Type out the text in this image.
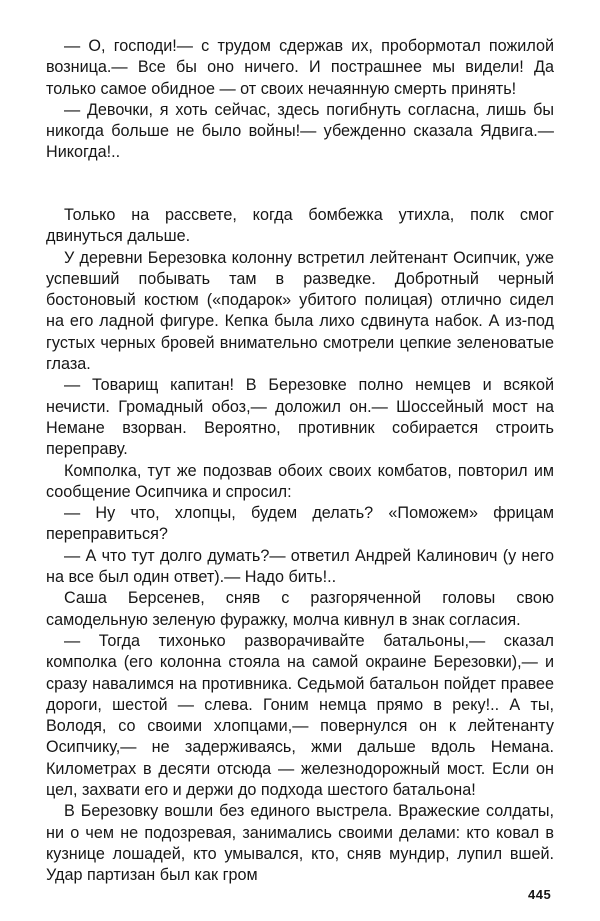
— О, господи!— с трудом сдержав их, пробормотал пожилой возница.— Все бы оно ничего. И пострашнее мы видели! Да только самое обидное — от своих нечаянную смерть принять!

— Девочки, я хоть сейчас, здесь погибнуть согласна, лишь бы никогда больше не было войны!— убежденно сказала Ядвига.— Никогда!..

Только на рассвете, когда бомбежка утихла, полк смог двинуться дальше.

У деревни Березовка колонну встретил лейтенант Осипчик, уже успевший побывать там в разведке. Добротный черный бостоновый костюм («подарок» убитого полицая) отлично сидел на его ладной фигуре. Кепка была лихо сдвинута набок. А из-под густых черных бровей внимательно смотрели цепкие зеленоватые глаза.

— Товарищ капитан! В Березовке полно немцев и всякой нечисти. Громадный обоз,— доложил он.— Шоссейный мост на Немане взорван. Вероятно, противник собирается строить переправу.

Комполка, тут же подозвав обоих своих комбатов, повторил им сообщение Осипчика и спросил:

— Ну что, хлопцы, будем делать? «Поможем» фрицам переправиться?

— А что тут долго думать?— ответил Андрей Калинович (у него на все был один ответ).— Надо бить!..

Саша Берсенев, сняв с разгоряченной головы свою самодельную зеленую фуражку, молча кивнул в знак согласия.

— Тогда тихонько разворачивайте батальоны,— сказал комполка (его колонна стояла на самой окраине Березовки),— и сразу навалимся на противника. Седьмой батальон пойдет правее дороги, шестой — слева. Гоним немца прямо в реку!.. А ты, Володя, со своими хлопцами,— повернулся он к лейтенанту Осипчику,— не задерживаясь, жми дальше вдоль Немана. Километрах в десяти отсюда — железнодорожный мост. Если он цел, захвати его и держи до подхода шестого батальона!

В Березовку вошли без единого выстрела. Вражеские солдаты, ни о чем не подозревая, занимались своими делами: кто ковал в кузнице лошадей, кто умывался, кто, сняв мундир, лупил вшей. Удар партизан был как гром

445
